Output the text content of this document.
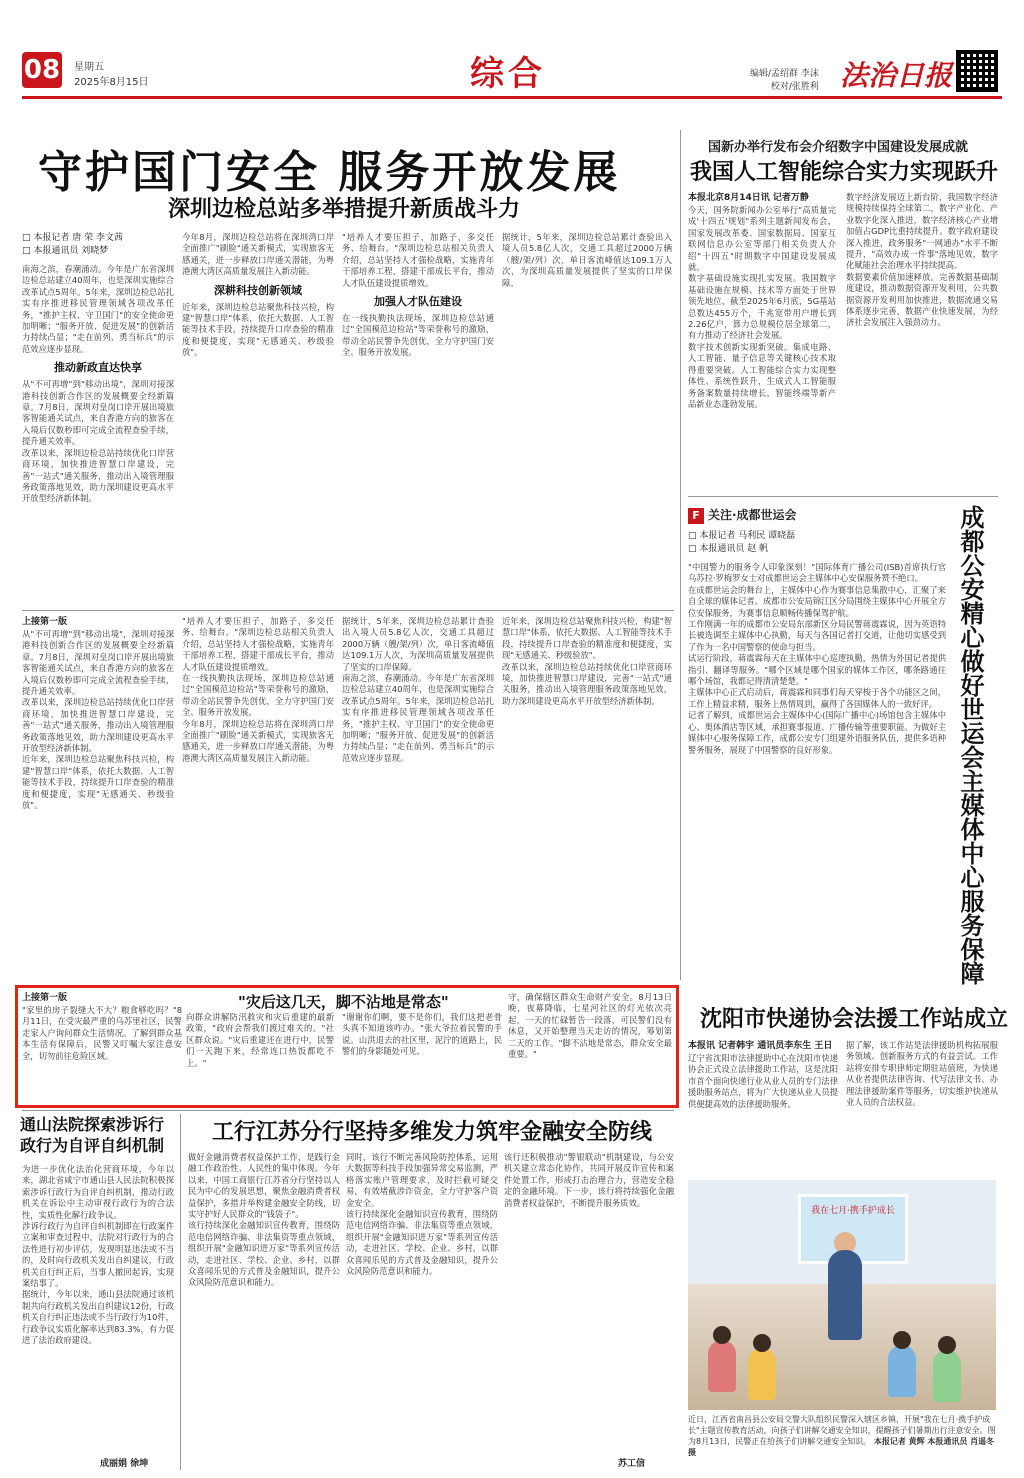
08 星期五
2025年8月15日	综合	编辑/孟绍群 李沫
校对/张胜利 法治日报
守护国门安全 服务开放发展
深圳边检总站多举措提升新质战斗力
□ 本报记者 唐 荣 李文茜
□ 本报通讯员 刘晓梦

南海之滨，春潮涌动。今年是广东省深圳边检总站建立40周年，也是深圳实施综合改革试点5周年。5年来，深圳边检总站扎实有序推进移民管理领域各项改革任务，"推护主权、守卫国门"的安全使命更加明晰；"服务开放、促进发展"的创新活力持续凸显；"走在前列、勇当标兵"的示范效应逐步显现。

推动新政直达快享

从"不可再增"到"移动出境"，深圳对接深港科技创新合作区的发展概要全经新篇章。7月8日，深圳对皇岗口岸开展出境旅客智能通关试点，来自香港方向的旅客在入境后仅数秒即可完成全流程查验手续，提升通关效率。

改革以来，深圳边检总站持续优化口岸营商环境，加快推进智慧口岸建设，完善"一站式"通关服务，推动出入境管理服务政策落地见效，助力深圳建设更高水平开放型经济新体制。

今年8月，深圳边检总站将在深圳湾口岸全面推广"刷脸"通关新模式，实现旅客无感通关，进一步释放口岸通关潜能，为粤港澳大湾区高质量发展注入新动能。

深耕科技创新领域

近年来，深圳边检总站聚焦科技兴检，构建"智慧口岸"体系，依托大数据、人工智能等技术手段，持续提升口岸查验的精准度和便捷度，实现"无感通关、秒级验放"。

"培养人才要压担子，加路子，多交任务、给舞台。"深圳边检总站相关负责人介绍，总站坚持人才强检战略，实施青年干部培养工程，搭建干部成长平台，推动人才队伍建设提质增效。

加强人才队伍建设

在一线执勤执法现场，深圳边检总站通过"全国模范边检站"等荣誉称号的激励，带动全站民警争先创优，全力守护国门安全、服务开放发展。

据统计，5年来，深圳边检总站累计查验出入境人员5.8亿人次，交通工具超过2000万辆（艘/架/列）次，单日客流峰值达109.1万人次，为深圳高质量发展提供了坚实的口岸保障。

国新办举行发布会介绍数字中国建设发展成就
我国人工智能综合实力实现跃升
本报北京8月14日讯 记者万静

今天，国务院新闻办公室举行"高质量完成'十四五'规划"系列主题新闻发布会，国家发展改革委、国家数据局、国家互联网信息办公室等部门相关负责人介绍"十四五"时期数字中国建设发展成就。

数字基础设施实现扎实发展。我国数字基础设施在规模、技术等方面处于世界领先地位，截至2025年6月底，5G基站总数达455万个，千兆宽带用户增长到2.26亿户，算力总规模位居全球第二，有力推动了经济社会发展。

数字技术创新实现新突破。集成电路、人工智能、量子信息等关键核心技术取得重要突破。人工智能综合实力实现整体性、系统性跃升，生成式人工智能服务备案数量持续增长，智能终端等新产品新业态蓬勃发展。

数字经济发展迈上新台阶，我国数字经济规模持续保持全球第二，数字产业化、产业数字化深入推进，数字经济核心产业增加值占GDP比重持续提升。数字政府建设深入推进，政务服务"一网通办"水平不断提升，"高效办成一件事"落地见效，数字化赋能社会治理水平持续提高。

数据要素价值加速释放。完善数据基础制度建设，推动数据资源开发利用，公共数据资源开发利用加快推进，数据流通交易体系逐步完善，数据产业快速发展，为经济社会发展注入强劲动力。

F 关注·成都世运会	成都公安精心做好世运会主媒体中心服务保障
□ 本报记者 马利民 谭晓磊
□ 本报通讯员 赵 帆

"中国警力的服务令人印象深刻！"国际体育广播公司(ISB)首席执行官乌苏拉·罗梅罗女士对成都世运会主媒体中心安保服务赞不绝口。

在成都世运会的舞台上，主媒体中心作为赛事信息集散中心，汇聚了来自全球的媒体记者。成都市公安局锦江区分局围绕主媒体中心开展全方位安保服务，为赛事信息顺畅传播保驾护航。

工作刚满一年的成都市公安局东部新区分局民警蒋震霖说，因为英语特长被选调至主媒体中心执勤，每天与各国记者打交道，让他切实感受到了作为一名中国警察的使命与担当。

试运行阶段，蒋震霖每天在主媒体中心巡逻执勤，热情为外国记者提供指引、翻译等服务。"哪个区域是哪个国家的媒体工作区，哪条路通往哪个场馆，我都记得清清楚楚。"

主媒体中心正式启动后，蒋震霖和同事们每天穿梭于各个功能区之间，工作上精益求精，服务上热情周到，赢得了各国媒体人的一致好评。

记者了解到，成都世运会主媒体中心(国际广播中心)场馆包含主媒体中心、奥体酒店等区域，承担赛事报道、广播传输等重要职能。为做好主媒体中心服务保障工作，成都公安专门组建外语服务队伍，提供多语种警务服务，展现了中国警察的良好形象。

上接第一版

从"不可再增"到"移动出境"，深圳对接深港科技创新合作区的发展概要全经新篇章。7月8日，深圳对皇岗口岸开展出境旅客智能通关试点，来自香港方向的旅客在入境后仅数秒即可完成全流程查验手续，提升通关效率。

改革以来，深圳边检总站持续优化口岸营商环境，加快推进智慧口岸建设，完善"一站式"通关服务，推动出入境管理服务政策落地见效，助力深圳建设更高水平开放型经济新体制。

近年来，深圳边检总站聚焦科技兴检，构建"智慧口岸"体系，依托大数据、人工智能等技术手段，持续提升口岸查验的精准度和便捷度，实现"无感通关、秒级验放"。

"培养人才要压担子，加路子，多交任务、给舞台。"深圳边检总站相关负责人介绍，总站坚持人才强检战略，实施青年干部培养工程，搭建干部成长平台，推动人才队伍建设提质增效。

在一线执勤执法现场，深圳边检总站通过"全国模范边检站"等荣誉称号的激励，带动全站民警争先创优，全力守护国门安全、服务开放发展。

今年8月，深圳边检总站将在深圳湾口岸全面推广"刷脸"通关新模式，实现旅客无感通关，进一步释放口岸通关潜能，为粤港澳大湾区高质量发展注入新动能。

据统计，5年来，深圳边检总站累计查验出入境人员5.8亿人次，交通工具超过2000万辆（艘/架/列）次，单日客流峰值达109.1万人次，为深圳高质量发展提供了坚实的口岸保障。

南海之滨，春潮涌动。今年是广东省深圳边检总站建立40周年，也是深圳实施综合改革试点5周年。5年来，深圳边检总站扎实有序推进移民管理领域各项改革任务，"推护主权、守卫国门"的安全使命更加明晰；"服务开放、促进发展"的创新活力持续凸显；"走在前列、勇当标兵"的示范效应逐步显现。

近年来，深圳边检总站聚焦科技兴检，构建"智慧口岸"体系，依托大数据、人工智能等技术手段，持续提升口岸查验的精准度和便捷度，实现"无感通关、秒级验放"。

改革以来，深圳边检总站持续优化口岸营商环境，加快推进智慧口岸建设，完善"一站式"通关服务，推动出入境管理服务政策落地见效，助力深圳建设更高水平开放型经济新体制。

上接第一版

"家里的房子裂缝大不大？粮食够吃吗？"8月11日，在受灾最严重的乌苏里社区，民警走家入户询问群众生活情况。了解到群众基本生活有保障后，民警又叮嘱大家注意安全，切勿前往危险区域。

"灾后这几天，脚不沾地是常态"

向群众讲解防汛救灾和灾后重建的最新政策，"政府会帮我们渡过难关的。"社区群众说。"灾后重建还在进行中，民警们一天跑下来，经常连口热饭都吃不上。"

"谢谢你们啊，要不是你们，我们这把老骨头真不知道该咋办。"张大爷拉着民警的手说。山洪退去的社区里，泥泞的道路上，民警们的身影随处可见。

守，确保辖区群众生命财产安全。8月13日晚，夜幕降临，七星河社区的灯光依次亮起，一天的忙碌暂告一段落，可民警们没有休息，又开始整理当天走访的情况，筹划第二天的工作。"脚不沾地是常态，群众安全最重要。"

沈阳市快递协会法援工作站成立
本报讯 记者韩宇 通讯员李东生 王日

辽宁省沈阳市法律援助中心在沈阳市快递协会正式设立法律援助工作站，这是沈阳市首个面向快递行业从业人员的专门法律援助服务站点，将为广大快递从业人员提供便捷高效的法律援助服务。

据了解，该工作站是法律援助机构拓展服务领域、创新服务方式的有益尝试。工作站将安排专职律师定期驻站值班，为快递从业者提供法律咨询、代写法律文书、办理法律援助案件等服务，切实维护快递从业人员的合法权益。

通山法院探索涉诉行政行为自评自纠机制

为进一步优化法治化营商环境，今年以来，湖北省咸宁市通山县人民法院积极探索涉诉行政行为自评自纠机制，推动行政机关在诉讼中主动审视行政行为的合法性，实质性化解行政争议。

涉诉行政行为自评自纠机制即在行政案件立案和审查过程中，法院对行政行为的合法性进行初步评估，发现明显违法或不当的，及时向行政机关发出自纠建议，行政机关自行纠正后，当事人撤回起诉，实现案结事了。

据统计，今年以来，通山县法院通过该机制共向行政机关发出自纠建议12份，行政机关自行纠正违法或不当行政行为10件，行政争议实质化解率达到83.3%，有力促进了法治政府建设。

成丽娟 徐坤
工行江苏分行坚持多维发力筑牢金融安全防线

做好金融消费者权益保护工作，是践行金融工作政治性、人民性的集中体现。今年以来，中国工商银行江苏省分行坚持以人民为中心的发展思想，聚焦金融消费者权益保护，多措并举构建金融安全防线，切实守护好人民群众的"钱袋子"。

该行持续深化金融知识宣传教育，围绕防范电信网络诈骗、非法集资等重点领域，组织开展"金融知识进万家"等系列宣传活动，走进社区、学校、企业、乡村，以群众喜闻乐见的方式普及金融知识，提升公众风险防范意识和能力。

同时，该行不断完善风险防控体系，运用大数据等科技手段加强异常交易监测，严格落实账户管理要求，及时拦截可疑交易，有效堵截涉诈资金，全力守护客户资金安全。

该行持续深化金融知识宣传教育，围绕防范电信网络诈骗、非法集资等重点领域，组织开展"金融知识进万家"等系列宣传活动，走进社区、学校、企业、乡村，以群众喜闻乐见的方式普及金融知识，提升公众风险防范意识和能力。

该行还积极推动"警银联动"机制建设，与公安机关建立常态化协作，共同开展反诈宣传和案件处置工作，形成打击治理合力，营造安全稳定的金融环境。下一步，该行将持续强化金融消费者权益保护，不断提升服务质效。

苏工信
我在七月·携手护成长
近日，江西省南昌县公安局交警大队组织民警深入辖区乡镇，开展"我在七月·携手护成长"主题宣传教育活动，向孩子们讲解交通安全知识，提醒孩子们暑期出行注意安全。图为8月13日，民警正在给孩子们讲解交通安全知识。 本报记者 黄辉 本报通讯员 肖遥冬 摄
